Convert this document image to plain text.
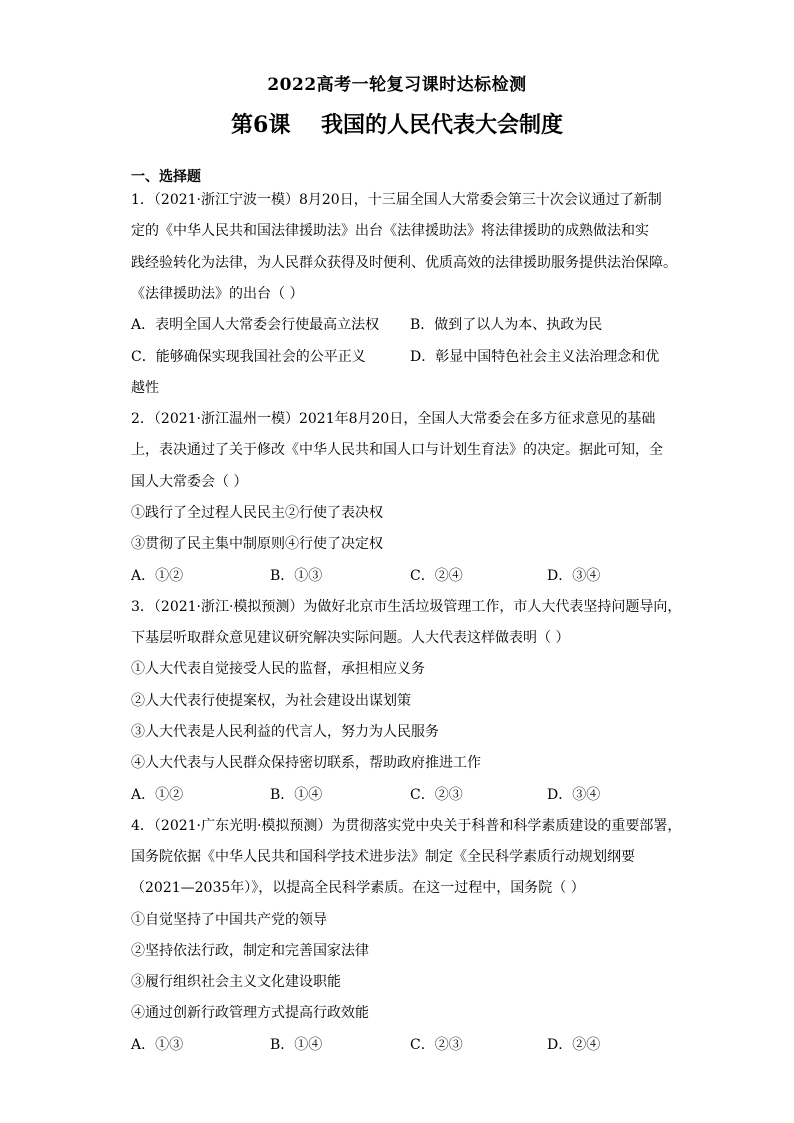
2022高考一轮复习课时达标检测
第6课    我国的人民代表大会制度
一、选择题
1．（2021·浙江宁波一模）8月20日，十三届全国人大常委会第三十次会议通过了新制
定的《中华人民共和国法律援助法》出台《法律援助法》将法律援助的成熟做法和实
践经验转化为法律，为人民群众获得及时便利、优质高效的法律援助服务提供法治保障。
《法律援助法》的出台（ ）
A．表明全国人大常委会行使最高立法权 B．做到了以人为本、执政为民
C．能够确保实现我国社会的公平正义	D．彰显中国特色社会主义法治理念和优
越性
2．（2021·浙江温州一模）2021年8月20日，全国人大常委会在多方征求意见的基础
上，表决通过了关于修改《中华人民共和国人口与计划生育法》的决定。据此可知，全
国人大常委会（ ）
①践行了全过程人民民主②行使了表决权
③贯彻了民主集中制原则④行使了决定权
A．①②	B．①③	C．②④	D．③④
3．（2021·浙江·模拟预测）为做好北京市生活垃圾管理工作，市人大代表坚持问题导向，
下基层听取群众意见建议研究解决实际问题。人大代表这样做表明（ ）
①人大代表自觉接受人民的监督，承担相应义务
②人大代表行使提案权，为社会建设出谋划策
③人大代表是人民利益的代言人，努力为人民服务
④人大代表与人民群众保持密切联系，帮助政府推进工作
A．①②	B．①④	C．②③	D．③④
4．（2021·广东光明·模拟预测）为贯彻落实党中央关于科普和科学素质建设的重要部署，
国务院依据《中华人民共和国科学技术进步法》制定《全民科学素质行动规划纲要
（2021—2035年）》，以提高全民科学素质。在这一过程中，国务院（ ）
①自觉坚持了中国共产党的领导
②坚持依法行政，制定和完善国家法律
③履行组织社会主义文化建设职能
④通过创新行政管理方式提高行政效能
A．①③	B．①④	C．②③	D．②④
